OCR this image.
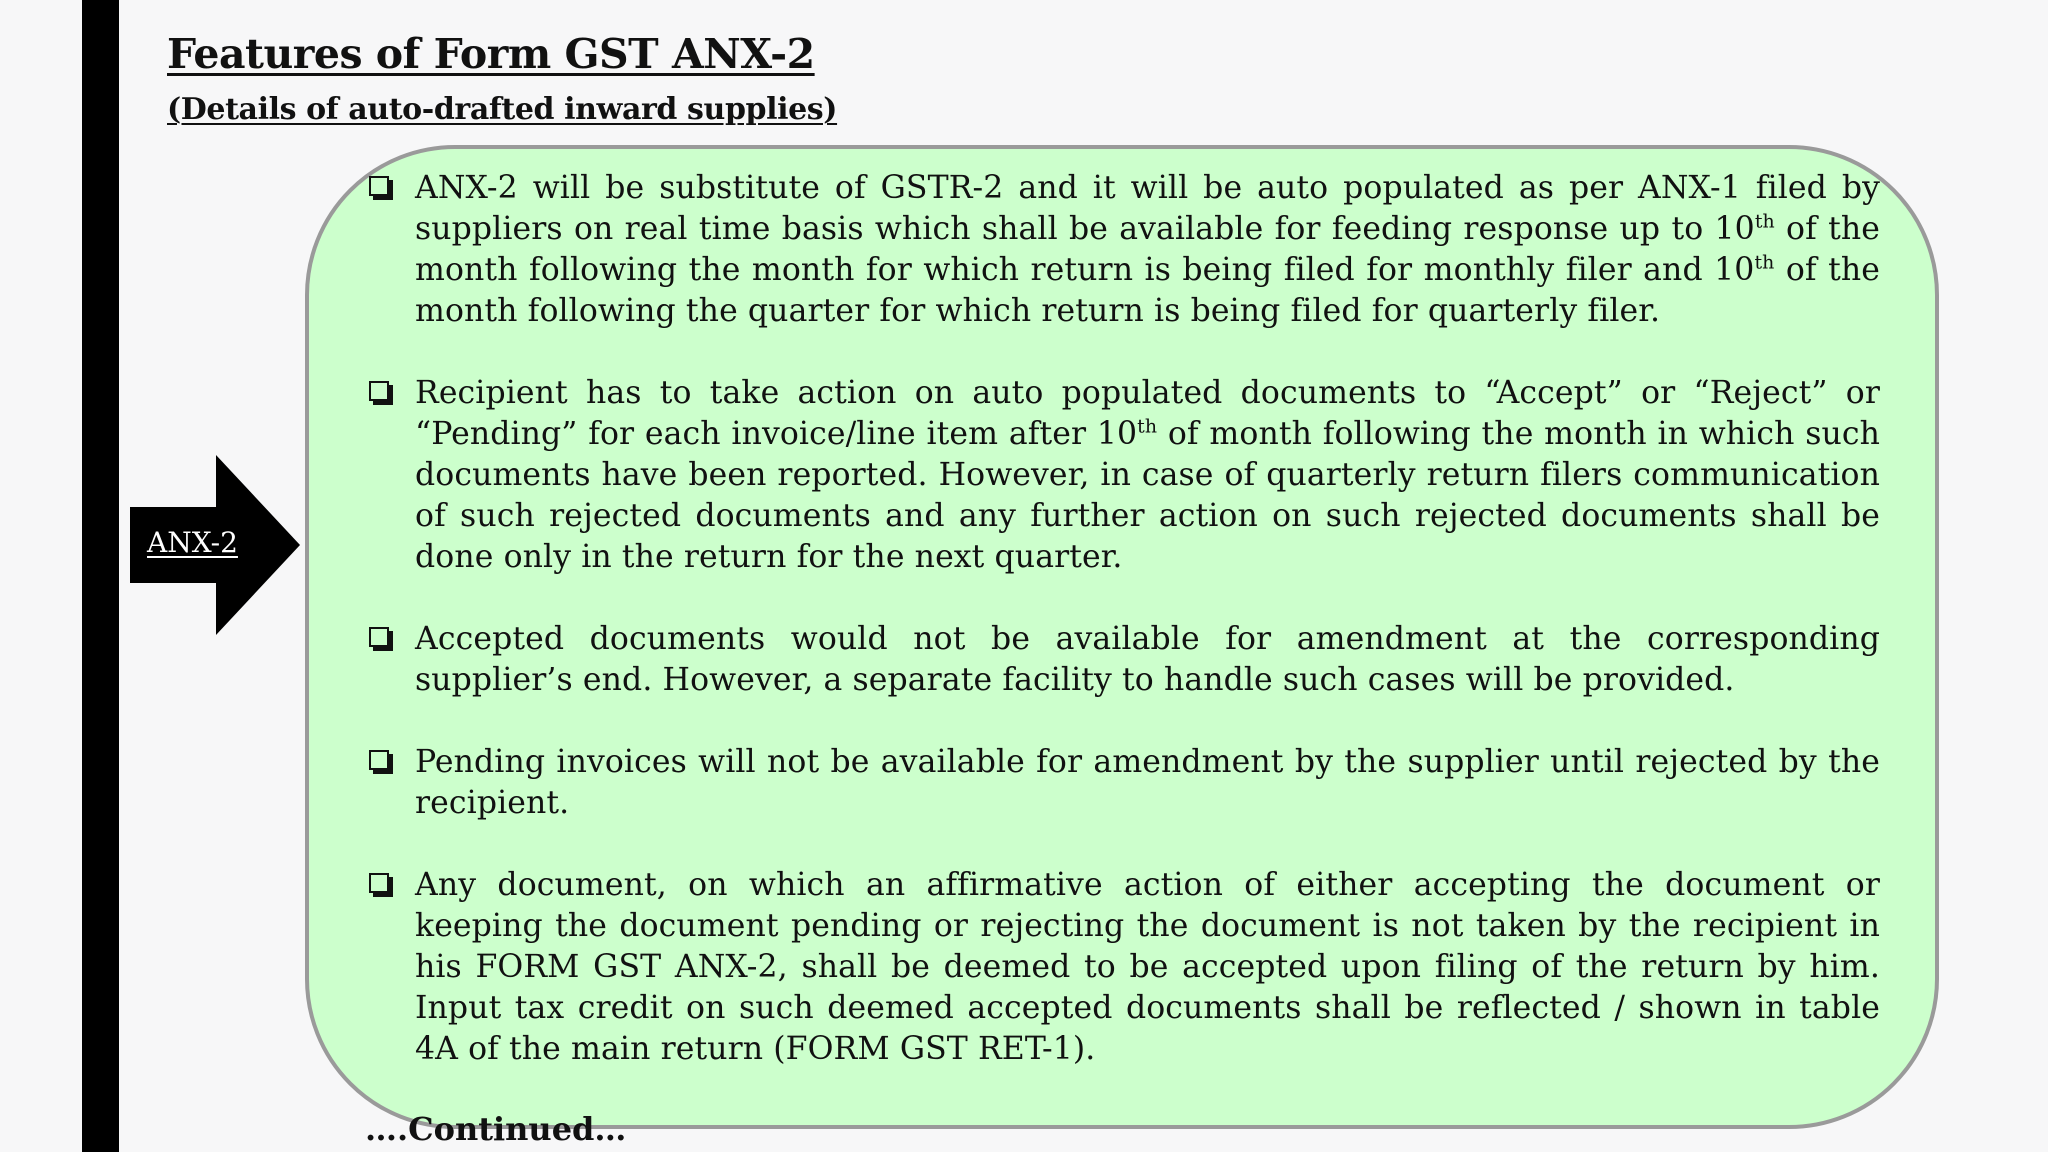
Features of Form GST ANX-2
(Details of auto-drafted inward supplies)
ANX-2
ANX-2 will be substitute of GSTR-2 and it will be auto populated as per ANX-1 filed by suppliers on real time basis which shall be available for feeding response up to 10th of the month following the month for which return is being filed for monthly filer and 10th of the month following the quarter for which return is being filed for quarterly filer.
Recipient has to take action on auto populated documents to “Accept” or “Reject” or “Pending” for each invoice/line item after 10th of month following the month in which such documents have been reported. However, in case of quarterly return filers communication of such rejected documents and any further action on such rejected documents shall be done only in the return for the next quarter.
Accepted documents would not be available for amendment at the corresponding supplier’s end. However, a separate facility to handle such cases will be provided.
Pending invoices will not be available for amendment by the supplier until rejected by the recipient.
Any document, on which an affirmative action of either accepting the document or keeping the document pending or rejecting the document is not taken by the recipient in his FORM GST ANX-2, shall be deemed to be accepted upon filing of the return by him. Input tax credit on such deemed accepted documents shall be reflected / shown in table 4A of the main return (FORM GST RET-1).
….Continued…
